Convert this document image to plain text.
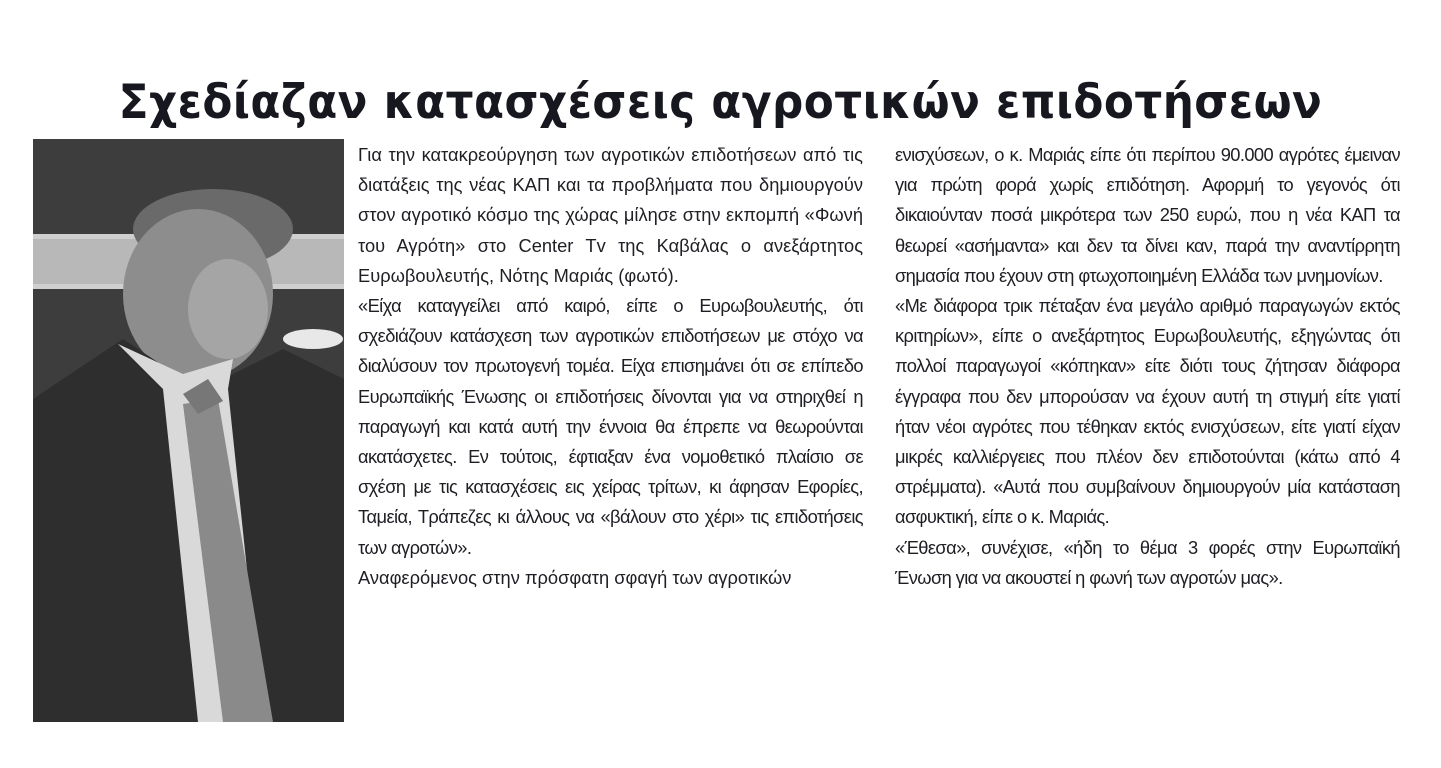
Σχεδίαζαν κατασχέσεις αγροτικών επιδοτήσεων

Για την κατακρεούργηση των αγροτικών επιδοτήσεων από τις διατάξεις της νέας ΚΑΠ και τα προβλήματα που δημιουργούν στον αγροτικό κόσμο της χώρας μίλησε στην εκπομπή «Φωνή του Αγρότη» στο Center Tv της Καβάλας ο ανεξάρτητος Ευρωβουλευτής, Νότης Μαριάς (φωτό).

«Είχα καταγγείλει από καιρό, είπε ο Ευρωβουλευτής, ότι σχεδιάζουν κατάσχεση των αγροτικών επιδοτήσεων με στόχο να διαλύσουν τον πρωτογενή τομέα. Είχα επισημάνει ότι σε επίπεδο Ευρωπαϊκής Ένωσης οι επιδοτήσεις δίνονται για να στηριχθεί η παραγωγή και κατά αυτή την έννοια θα έπρεπε να θεωρούνται ακατάσχετες. Εν τούτοις, έφτιαξαν ένα νομοθετικό πλαίσιο σε σχέση με τις κατασχέσεις εις χείρας τρίτων, κι άφησαν Εφορίες, Ταμεία, Τράπεζες κι άλλους να «βάλουν στο χέρι» τις επιδοτήσεις των αγροτών».

Αναφερόμενος στην πρόσφατη σφαγή των αγροτικών

ενισχύσεων, ο κ. Μαριάς είπε ότι περίπου 90.000 αγρότες έμειναν για πρώτη φορά χωρίς επιδότηση. Αφορμή το γεγονός ότι δικαιούνταν ποσά μικρότερα των 250 ευρώ, που η νέα ΚΑΠ τα θεωρεί «ασήμαντα» και δεν τα δίνει καν, παρά την αναντίρρητη σημασία που έχουν στη φτωχοποιημένη Ελλάδα των μνημονίων.

«Με διάφορα τρικ πέταξαν ένα μεγάλο αριθμό παραγωγών εκτός κριτηρίων», είπε ο ανεξάρτητος Ευρωβουλευτής, εξηγώντας ότι πολλοί παραγωγοί «κόπηκαν» είτε διότι τους ζήτησαν διάφορα έγγραφα που δεν μπορούσαν να έχουν αυτή τη στιγμή είτε γιατί ήταν νέοι αγρότες που τέθηκαν εκτός ενισχύσεων, είτε γιατί είχαν μικρές καλλιέργειες που πλέον δεν επιδοτούνται (κάτω από 4 στρέμματα). «Αυτά που συμβαίνουν δημιουργούν μία κατάσταση ασφυκτική, είπε ο κ. Μαριάς.

«Έθεσα», συνέχισε, «ήδη το θέμα 3 φορές στην Ευρωπαϊκή Ένωση για να ακουστεί η φωνή των αγροτών μας».
